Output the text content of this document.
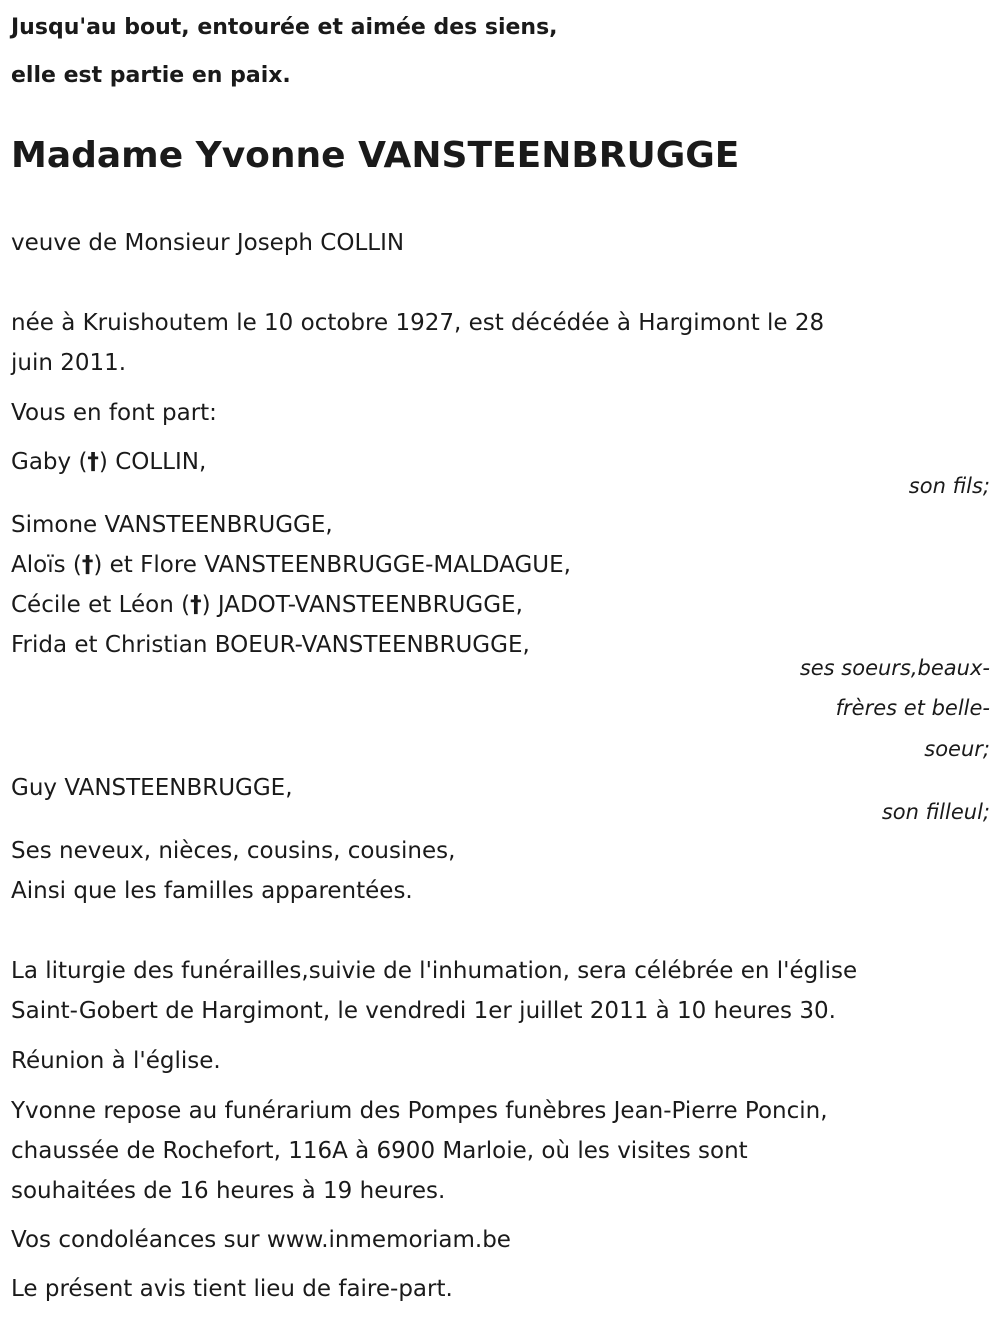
Jusqu'au bout, entourée et aimée des siens,

elle est partie en paix.

Madame Yvonne VANSTEENBRUGGE

veuve de Monsieur Joseph COLLIN

née à Kruishoutem le 10 octobre 1927, est décédée à Hargimont le 28

juin 2011.

Vous en font part:

Gaby (†) COLLIN,

son fils;

Simone VANSTEENBRUGGE,

Aloïs (†) et Flore VANSTEENBRUGGE-MALDAGUE,

Cécile et Léon (†) JADOT-VANSTEENBRUGGE,

Frida et Christian BOEUR-VANSTEENBRUGGE,

ses soeurs,beaux-

frères et belle-

soeur;

Guy VANSTEENBRUGGE,

son filleul;

Ses neveux, nièces, cousins, cousines,

Ainsi que les familles apparentées.

La liturgie des funérailles,suivie de l'inhumation, sera célébrée en l'église

Saint-Gobert de Hargimont, le vendredi 1er juillet 2011 à 10 heures 30.

Réunion à l'église.

Yvonne repose au funérarium des Pompes funèbres Jean-Pierre Poncin,

chaussée de Rochefort, 116A à 6900 Marloie, où les visites sont

souhaitées de 16 heures à 19 heures.

Vos condoléances sur www.inmemoriam.be

Le présent avis tient lieu de faire-part.
